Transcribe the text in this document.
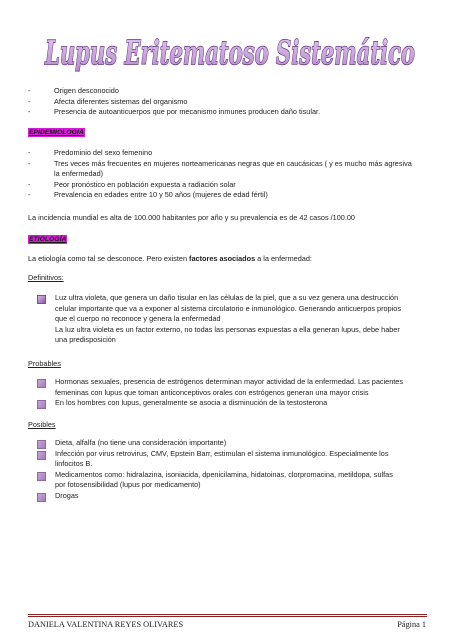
Lupus Eritematoso Sistemático
-	Origen desconocido
-	Afecta diferentes sistemas del organismo
-	Presencia de autoanticuerpos que por mecanismo inmunes producen daño tisular.
EPIDEMIOLOGIA
-	Predominio del sexo femenino
-	Tres veces más frecuentes en mujeres norteamericanas negras que en caucásicas ( y es mucho más agresiva
la enfermedad)
-	Peor pronóstico en población expuesta a radiación solar
-	Prevalencia en edades entre 10 y 50 años (mujeres de edad fértil)
La incidencia mundial es alta de 100.000 habitantes por año y su prevalencia es de 42 casos /100.00
ETIOLOGÍA
La etiología como tal se desconoce. Pero existen factores asociados a la enfermedad:
Definitivos:
Luz ultra violeta, que genera un daño tisular en las células de la piel, que a su vez genera una destrucción
celular importante que va a exponer al sistema circulatorio e inmunológico. Generando anticuerpos propios
que el cuerpo no reconoce y genera la enfermedad
La luz ultra violeta es un factor externo, no todas las personas expuestas a ella generan lupus, debe haber
una predisposición
Probables
Hormonas sexuales, presencia de estrógenos determinan mayor actividad de la enfermedad. Las pacientes
femeninas con lupus que toman anticonceptivos orales con estrógenos generan una mayor crisis
En los hombres con lupus, generalmente se asocia a disminución de la testosterona
Posibles
Dieta, alfalfa (no tiene una consideración importante)
Infección por virus retrovirus, CMV, Epstein Barr, estimulan el sistema inmunológico. Especialmente los
linfocitos B.
Medicamentos como: hidralazina, isoniacida, dpenicilamina, hidatoinas, clorpromacina, metildopa, sulfas
por fotosensibilidad (lupus por medicamento)
Drogas
DANIELA VALENTINA REYES OLIVARES	Página 1
